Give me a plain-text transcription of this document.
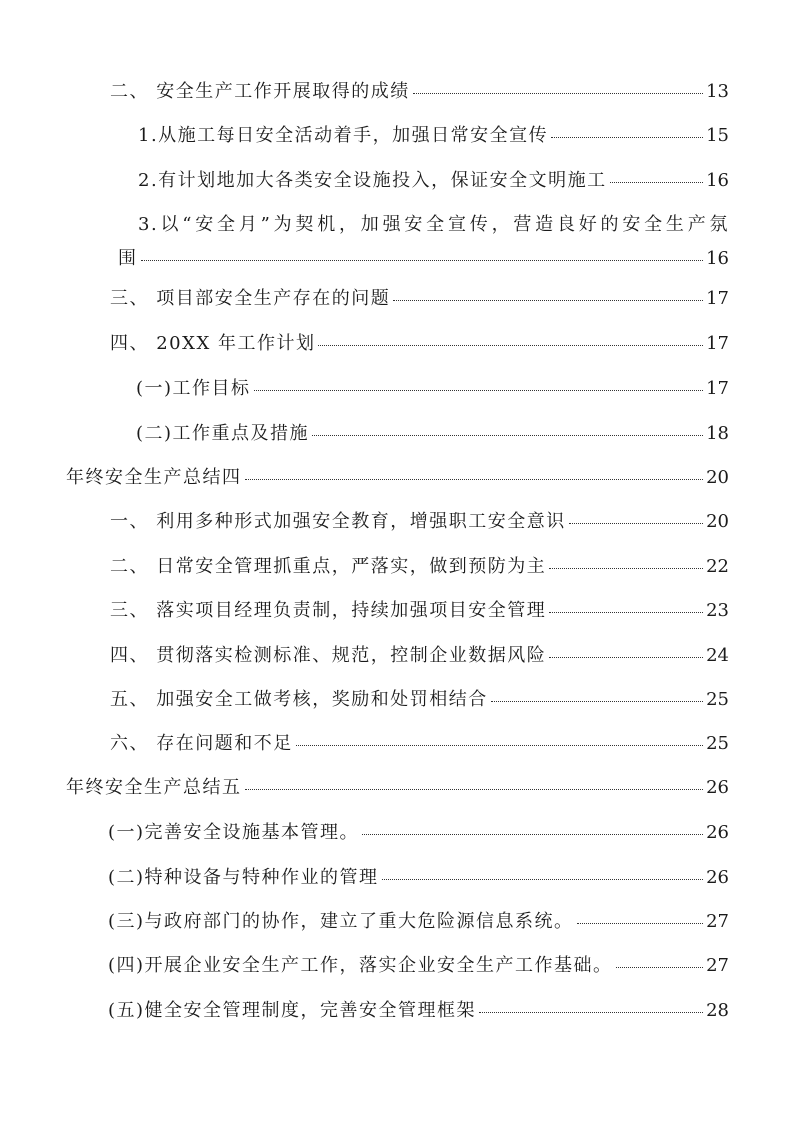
二、 安全生产工作开展取得的成绩	13
1.从施工每日安全活动着手，加强日常安全宣传	15
2.有计划地加大各类安全设施投入，保证安全文明施工	16
3.以“安全月”为契机，加强安全宣传，营造良好的安全生产氛
围	16
三、 项目部安全生产存在的问题	17
四、 20XX 年工作计划	17
(一)工作目标	17
(二)工作重点及措施	18
年终安全生产总结四	20
一、 利用多种形式加强安全教育，增强职工安全意识	20
二、 日常安全管理抓重点，严落实，做到预防为主	22
三、 落实项目经理负责制，持续加强项目安全管理	23
四、 贯彻落实检测标准、规范，控制企业数据风险	24
五、 加强安全工做考核，奖励和处罚相结合	25
六、 存在问题和不足	25
年终安全生产总结五	26
(一)完善安全设施基本管理。	26
(二)特种设备与特种作业的管理	26
(三)与政府部门的协作，建立了重大危险源信息系统。	27
(四)开展企业安全生产工作，落实企业安全生产工作基础。	27
(五)健全安全管理制度，完善安全管理框架	28
